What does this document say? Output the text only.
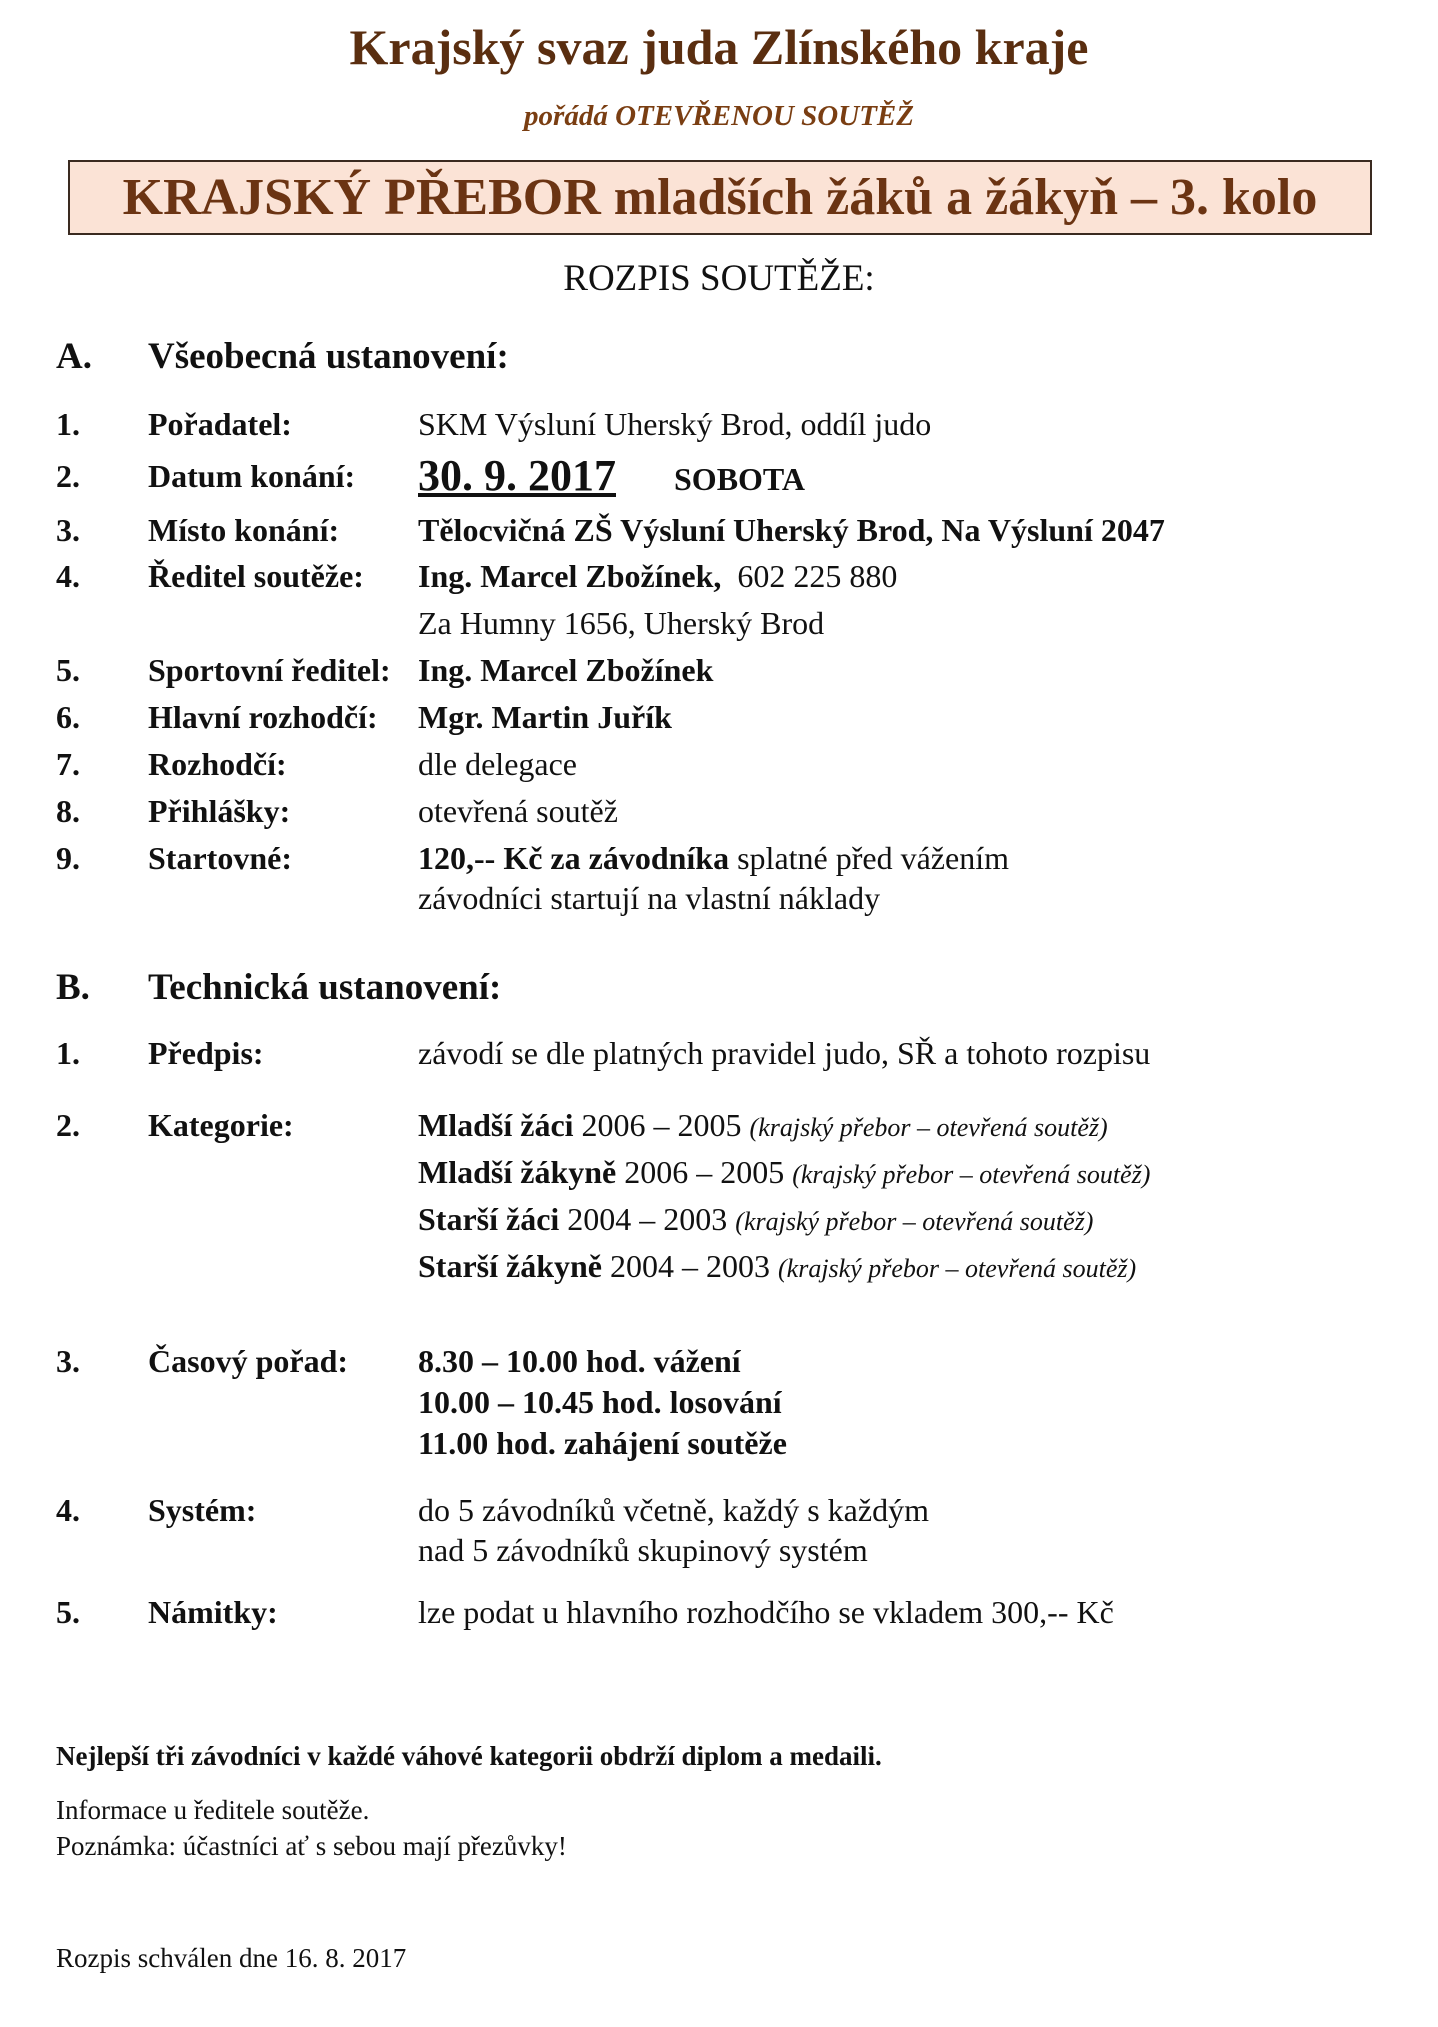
Krajský svaz juda Zlínského kraje
pořádá OTEVŘENOU SOUTĚŽ
KRAJSKÝ PŘEBOR mladších žáků a žákyň – 3. kolo
ROZPIS SOUTĚŽE:
A. Všeobecná ustanovení:
1. Pořadatel:	SKM Výsluní Uherský Brod, oddíl judo
2. Datum konání: 30. 9. 2017 SOBOTA
3. Místo konání: Tělocvičná ZŠ Výsluní Uherský Brod, Na Výsluní 2047
4. Ředitel soutěže: Ing. Marcel Zbožínek, 602 225 880
Za Humny 1656, Uherský Brod
5. Sportovní ředitel: Ing. Marcel Zbožínek
6. Hlavní rozhodčí: Mgr. Martin Juřík
7. Rozhodčí:	dle delegace
8. Přihlášky:	otevřená soutěž
9. Startovné:	120,-- Kč za závodníka splatné před vážením
závodníci startují na vlastní náklady
B. Technická ustanovení:
1. Předpis:	závodí se dle platných pravidel judo, SŘ a tohoto rozpisu
2. Kategorie:	Mladší žáci 2006 – 2005 (krajský přebor – otevřená soutěž)
Mladší žákyně 2006 – 2005 (krajský přebor – otevřená soutěž)
Starší žáci 2004 – 2003 (krajský přebor – otevřená soutěž)
Starší žákyně 2004 – 2003 (krajský přebor – otevřená soutěž)
3. Časový pořad: 8.30 – 10.00 hod. vážení
10.00 – 10.45 hod. losování
11.00 hod. zahájení soutěže
4. Systém:	do 5 závodníků včetně, každý s každým
nad 5 závodníků skupinový systém
5. Námitky:	lze podat u hlavního rozhodčího se vkladem 300,-- Kč
Nejlepší tři závodníci v každé váhové kategorii obdrží diplom a medaili.
Informace u ředitele soutěže.
Poznámka: účastníci ať s sebou mají přezůvky!
Rozpis schválen dne 16. 8. 2017
